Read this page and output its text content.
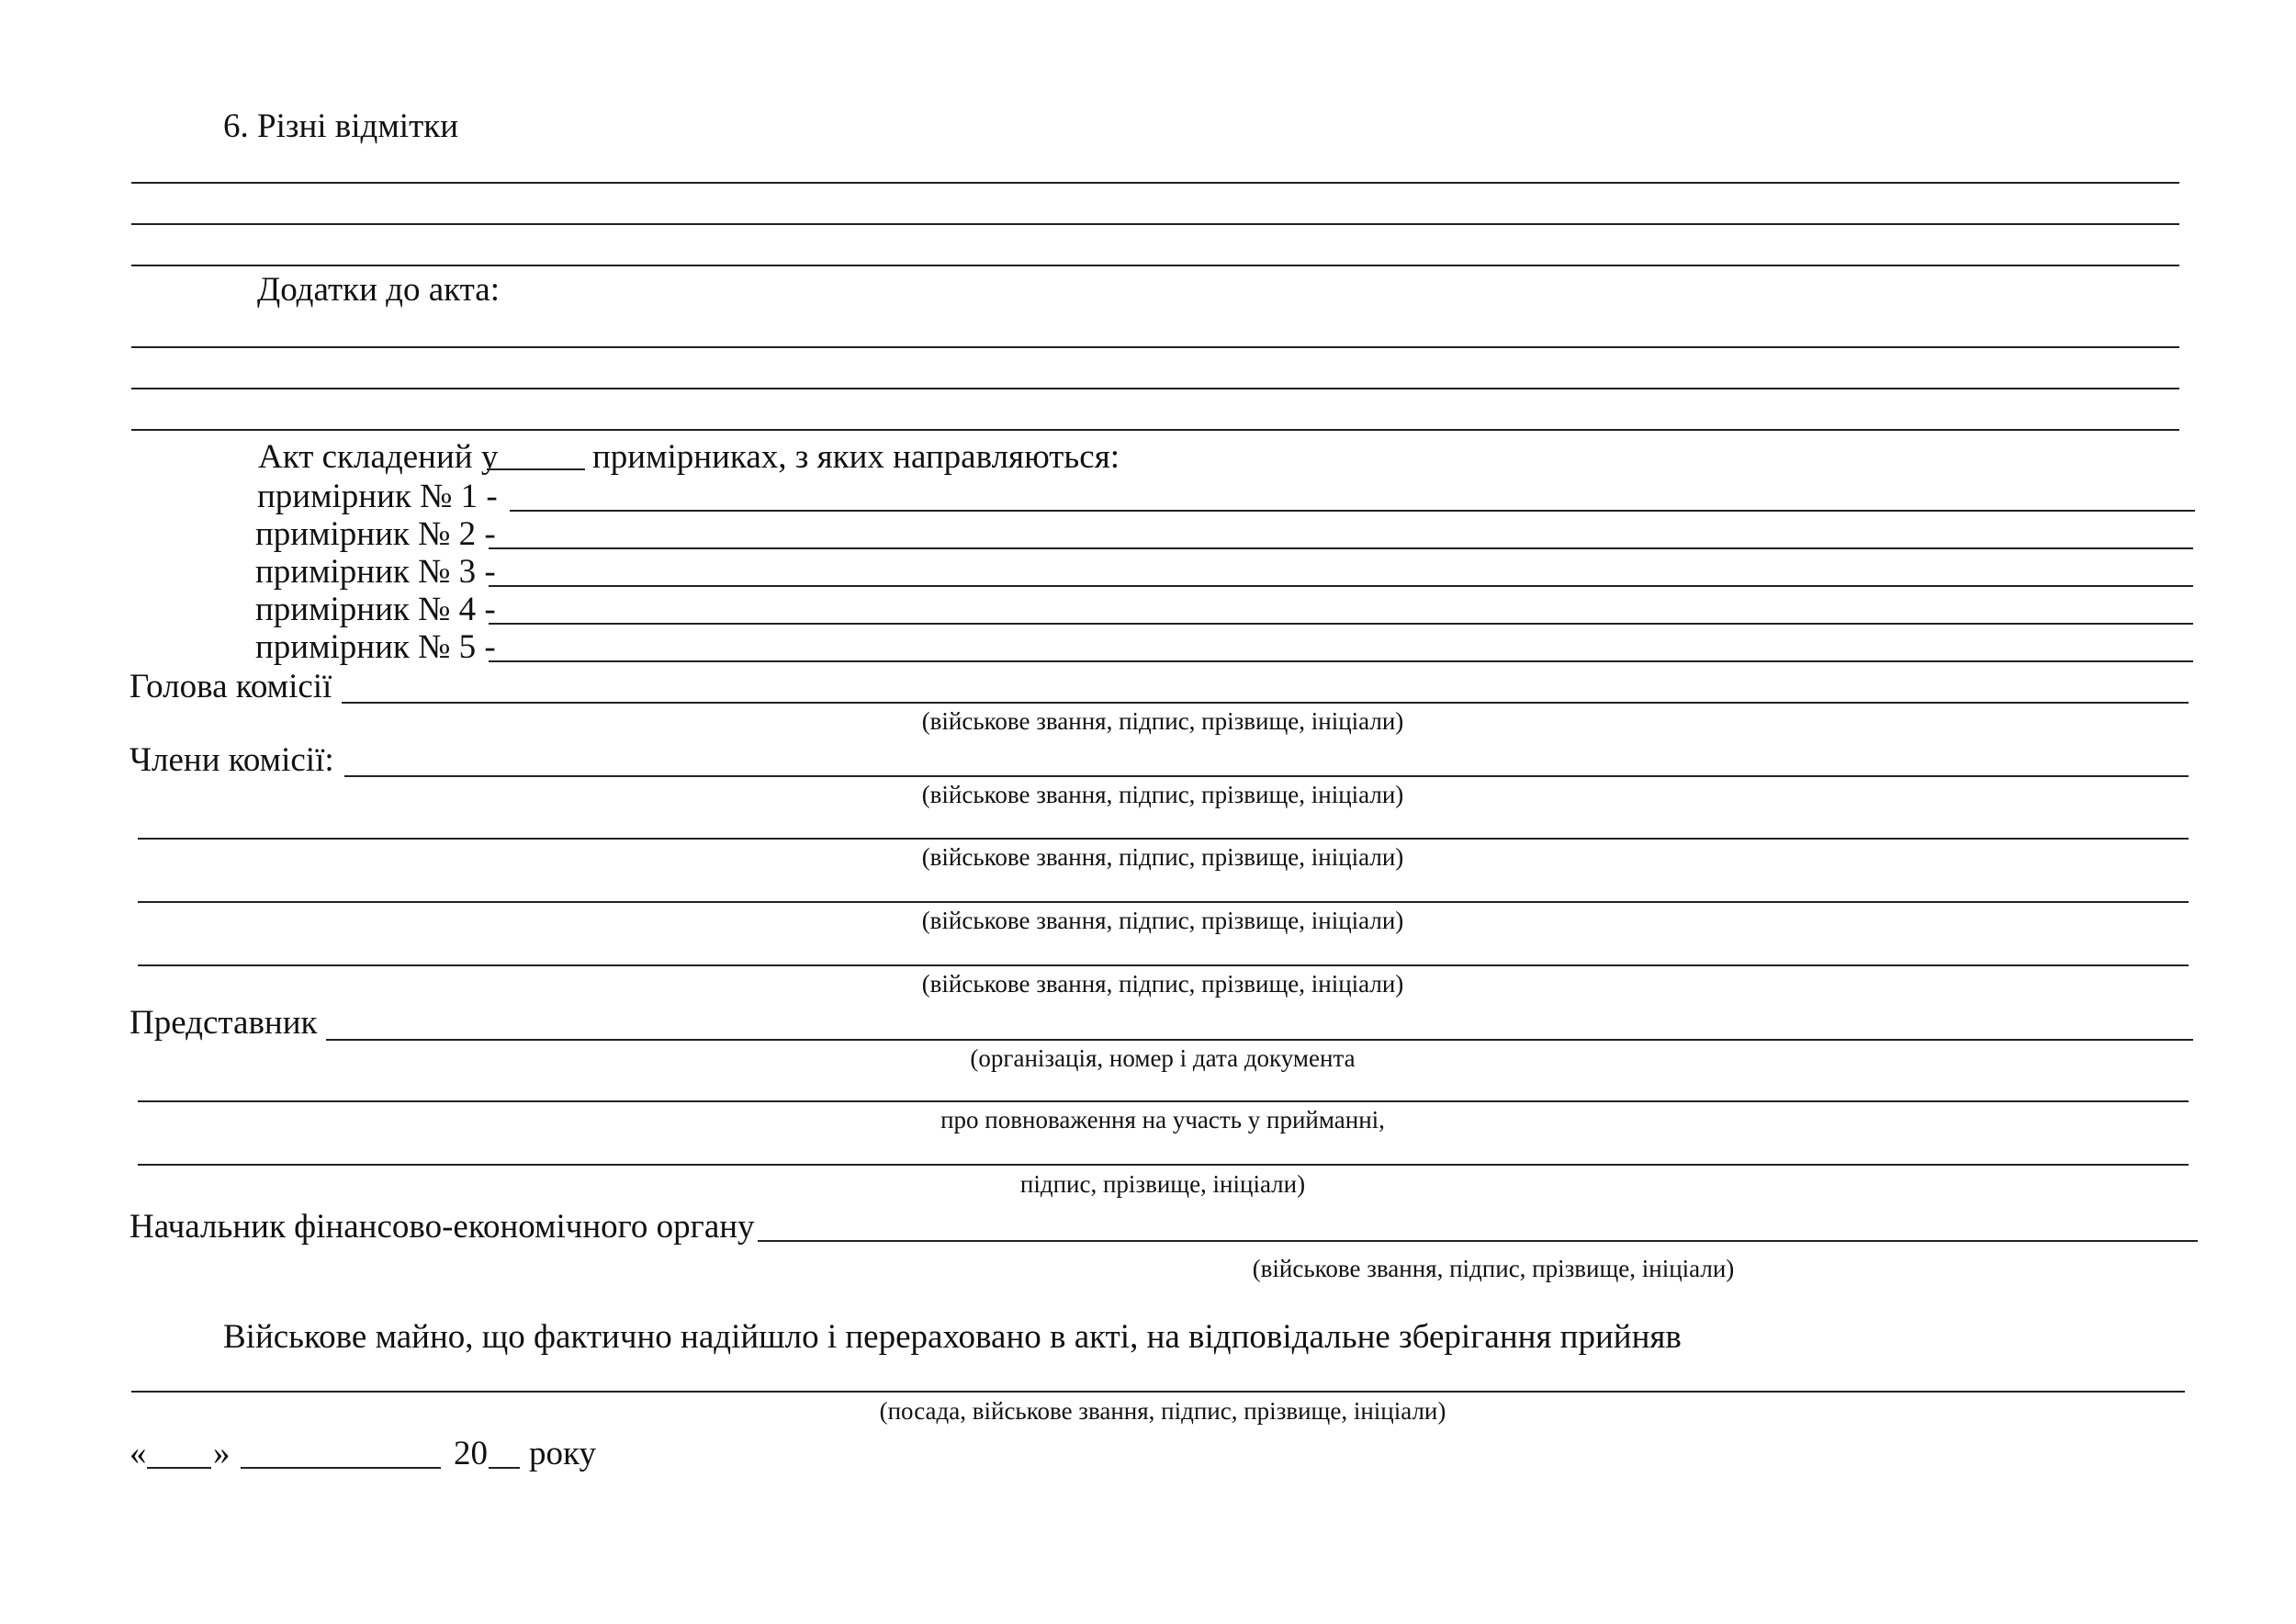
6. Різні відмітки
Додатки до акта:
Акт складений у	примірниках, з яких направляються:
примірник № 1 -
примірник № 2 -
примірник № 3 -
примірник № 4 -
примірник № 5 -
Голова комісії
(військове звання, підпис, прізвище, ініціали)
Члени комісії:
(військове звання, підпис, прізвище, ініціали)
(військове звання, підпис, прізвище, ініціали)
(військове звання, підпис, прізвище, ініціали)
(військове звання, підпис, прізвище, ініціали)
Представник
(організація, номер і дата документа
про повноваження на участь у прийманні,
підпис, прізвище, ініціали)
Начальник фінансово-економічного органу
(військове звання, підпис, прізвище, ініціали)
Військове майно, що фактично надійшло і перераховано в акті, на відповідальне зберігання прийняв
(посада, військове звання, підпис, прізвище, ініціали)
« »	20 року
